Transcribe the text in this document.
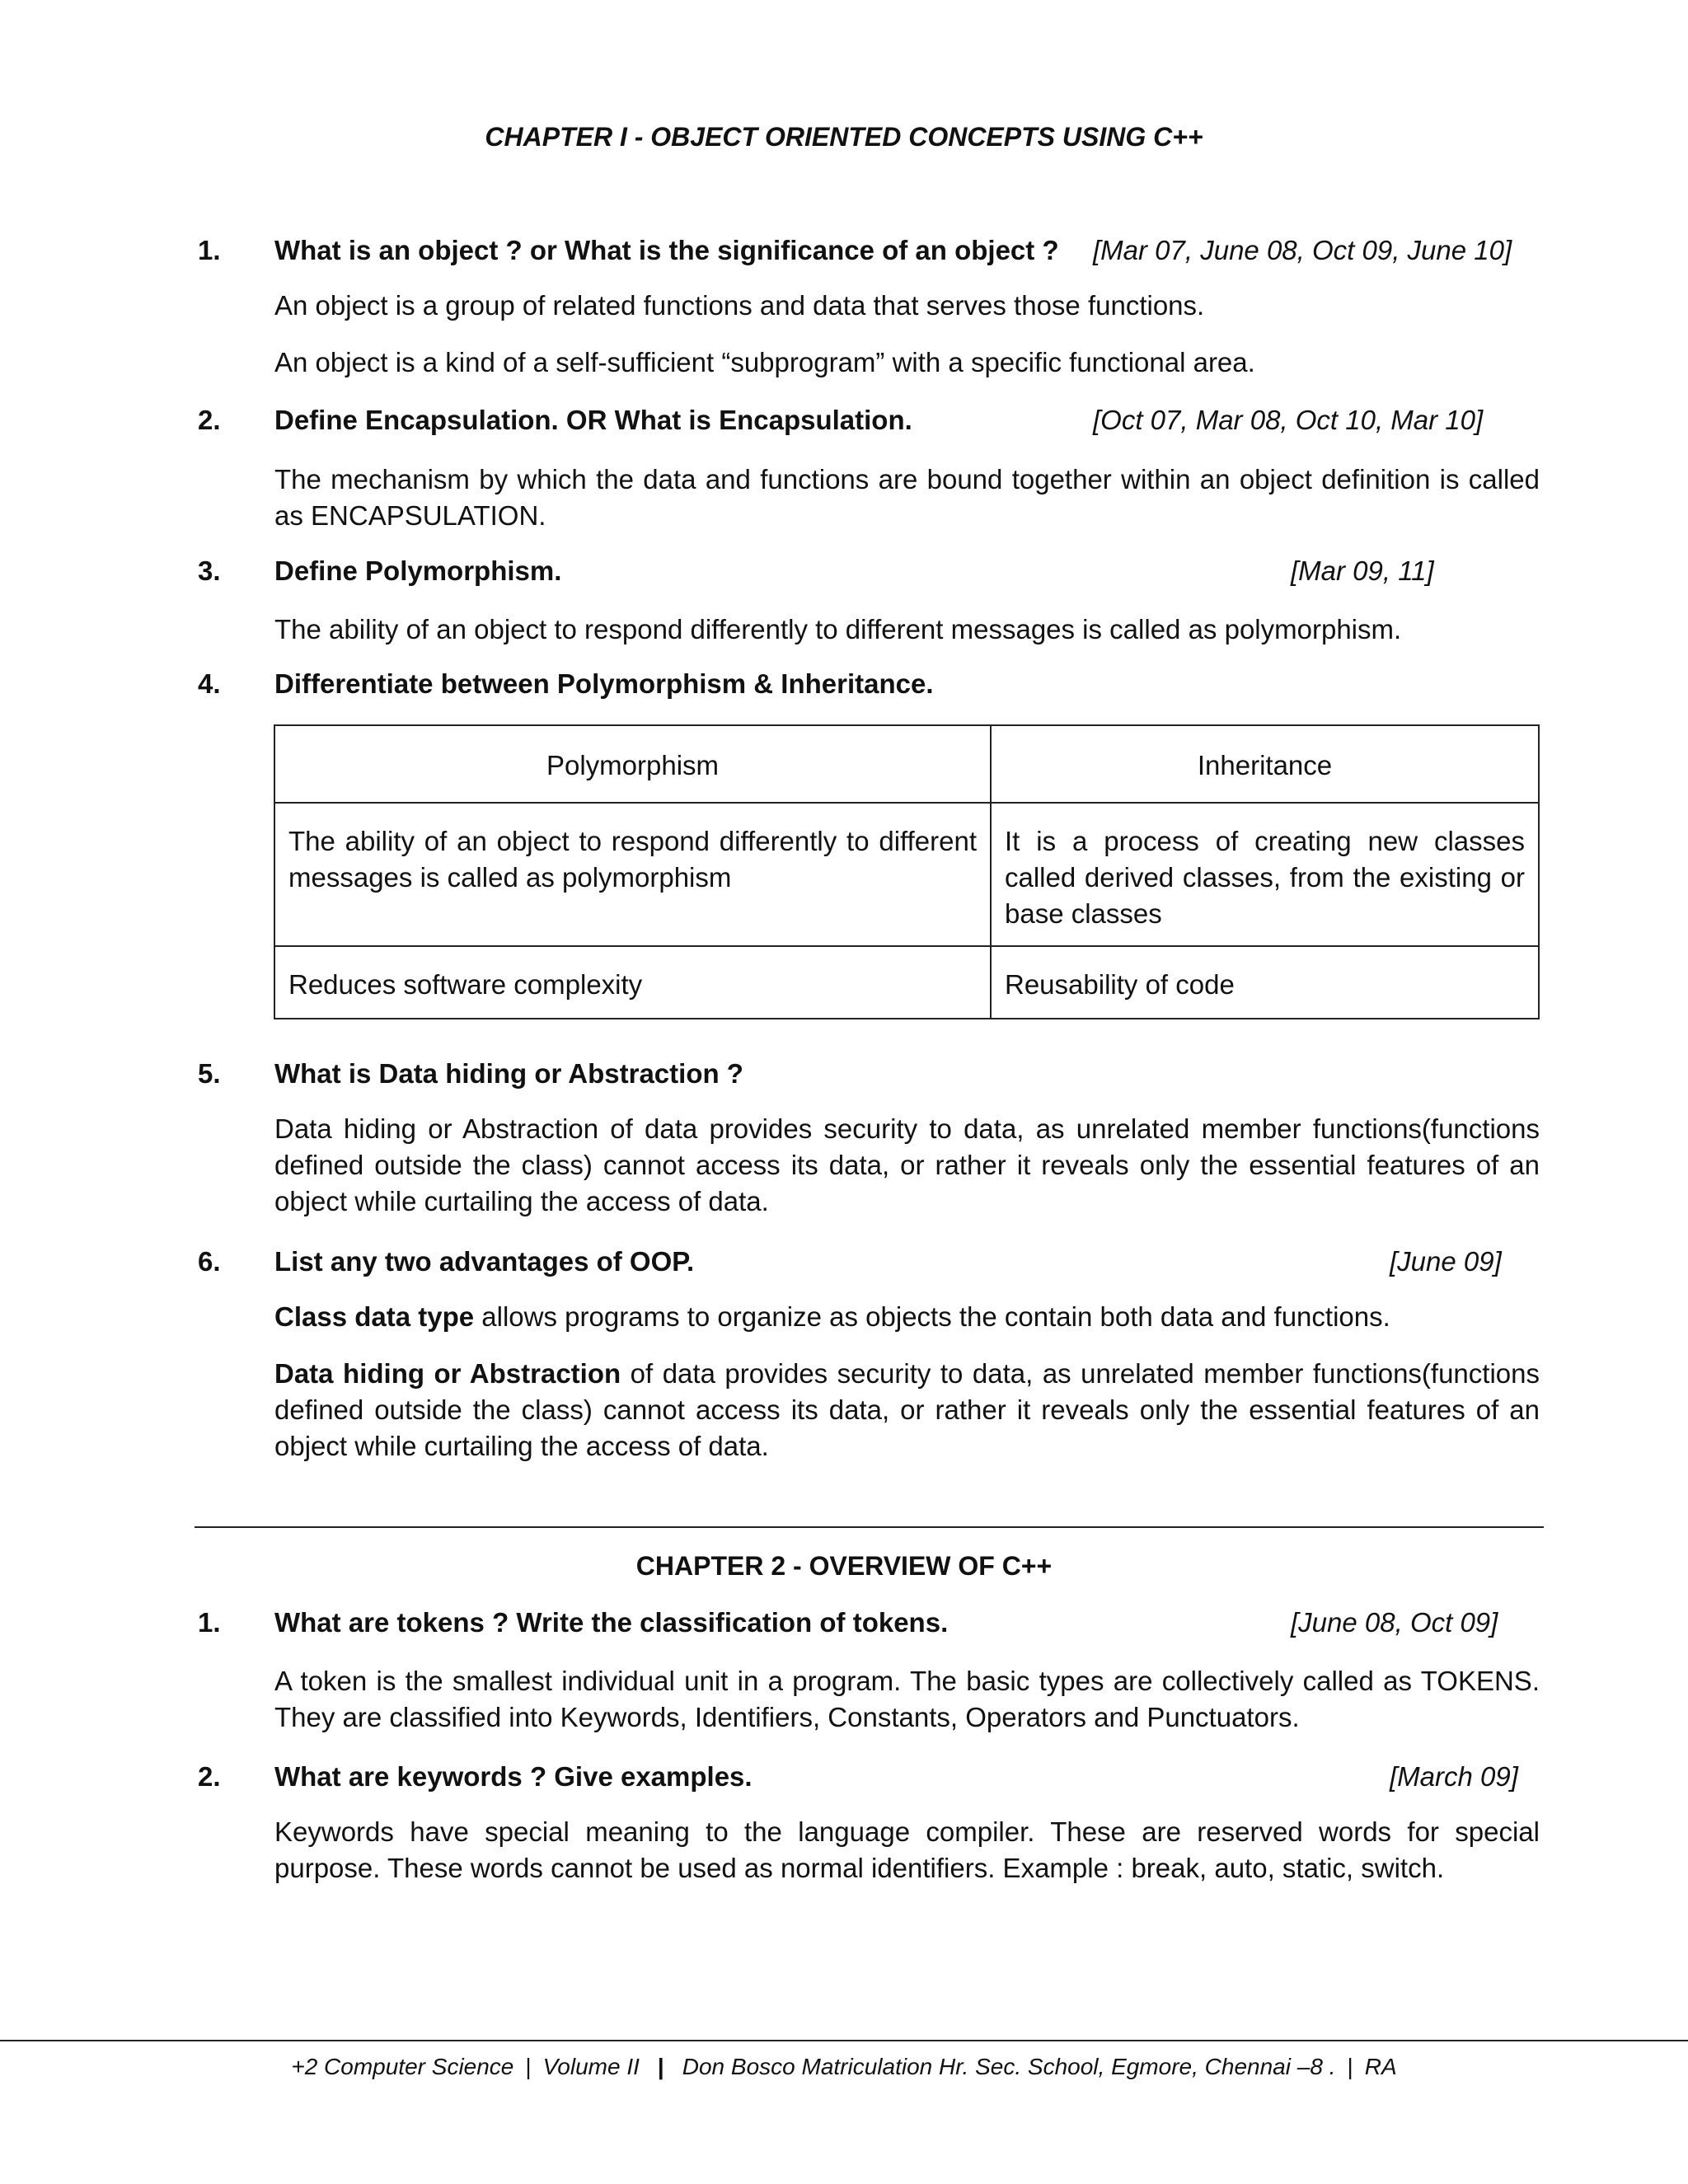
CHAPTER I - OBJECT ORIENTED CONCEPTS USING C++
1. What is an object ? or What is the significance of an object ? [Mar 07, June 08, Oct 09, June 10]
An object is a group of related functions and data that serves those functions.
An object is a kind of a self-sufficient “subprogram” with a specific functional area.
2. Define Encapsulation. OR What is Encapsulation.	[Oct 07, Mar 08, Oct 10, Mar 10]
The mechanism by which the data and functions are bound together within an object definition is called as ENCAPSULATION.
3. Define Polymorphism.	[Mar 09, 11]
The ability of an object to respond differently to different messages is called as polymorphism.
4. Differentiate between Polymorphism & Inheritance.
Polymorphism	Inheritance
The ability of an object to respond differently to different messages is called as polymorphism	It is a process of creating new classes called derived classes, from the existing or base classes
Reduces software complexity	Reusability of code
5. What is Data hiding or Abstraction ?
Data hiding or Abstraction of data provides security to data, as unrelated member functions(functions defined outside the class) cannot access its data, or rather it reveals only the essential features of an object while curtailing the access of data.
6. List any two advantages of OOP.	[June 09]
Class data type allows programs to organize as objects the contain both data and functions.
Data hiding or Abstraction of data provides security to data, as unrelated member functions(functions defined outside the class) cannot access its data, or rather it reveals only the essential features of an object while curtailing the access of data.
CHAPTER 2 - OVERVIEW OF C++
1. What are tokens ? Write the classification of tokens.	[June 08, Oct 09]
A token is the smallest individual unit in a program. The basic types are collectively called as TOKENS. They are classified into Keywords, Identifiers, Constants, Operators and Punctuators.
2. What are keywords ? Give examples.	[March 09]
Keywords have special meaning to the language compiler. These are reserved words for special purpose. These words cannot be used as normal identifiers. Example : break, auto, static, switch.
+2 Computer Science | Volume II | Don Bosco Matriculation Hr. Sec. School, Egmore, Chennai –8 . | RA
